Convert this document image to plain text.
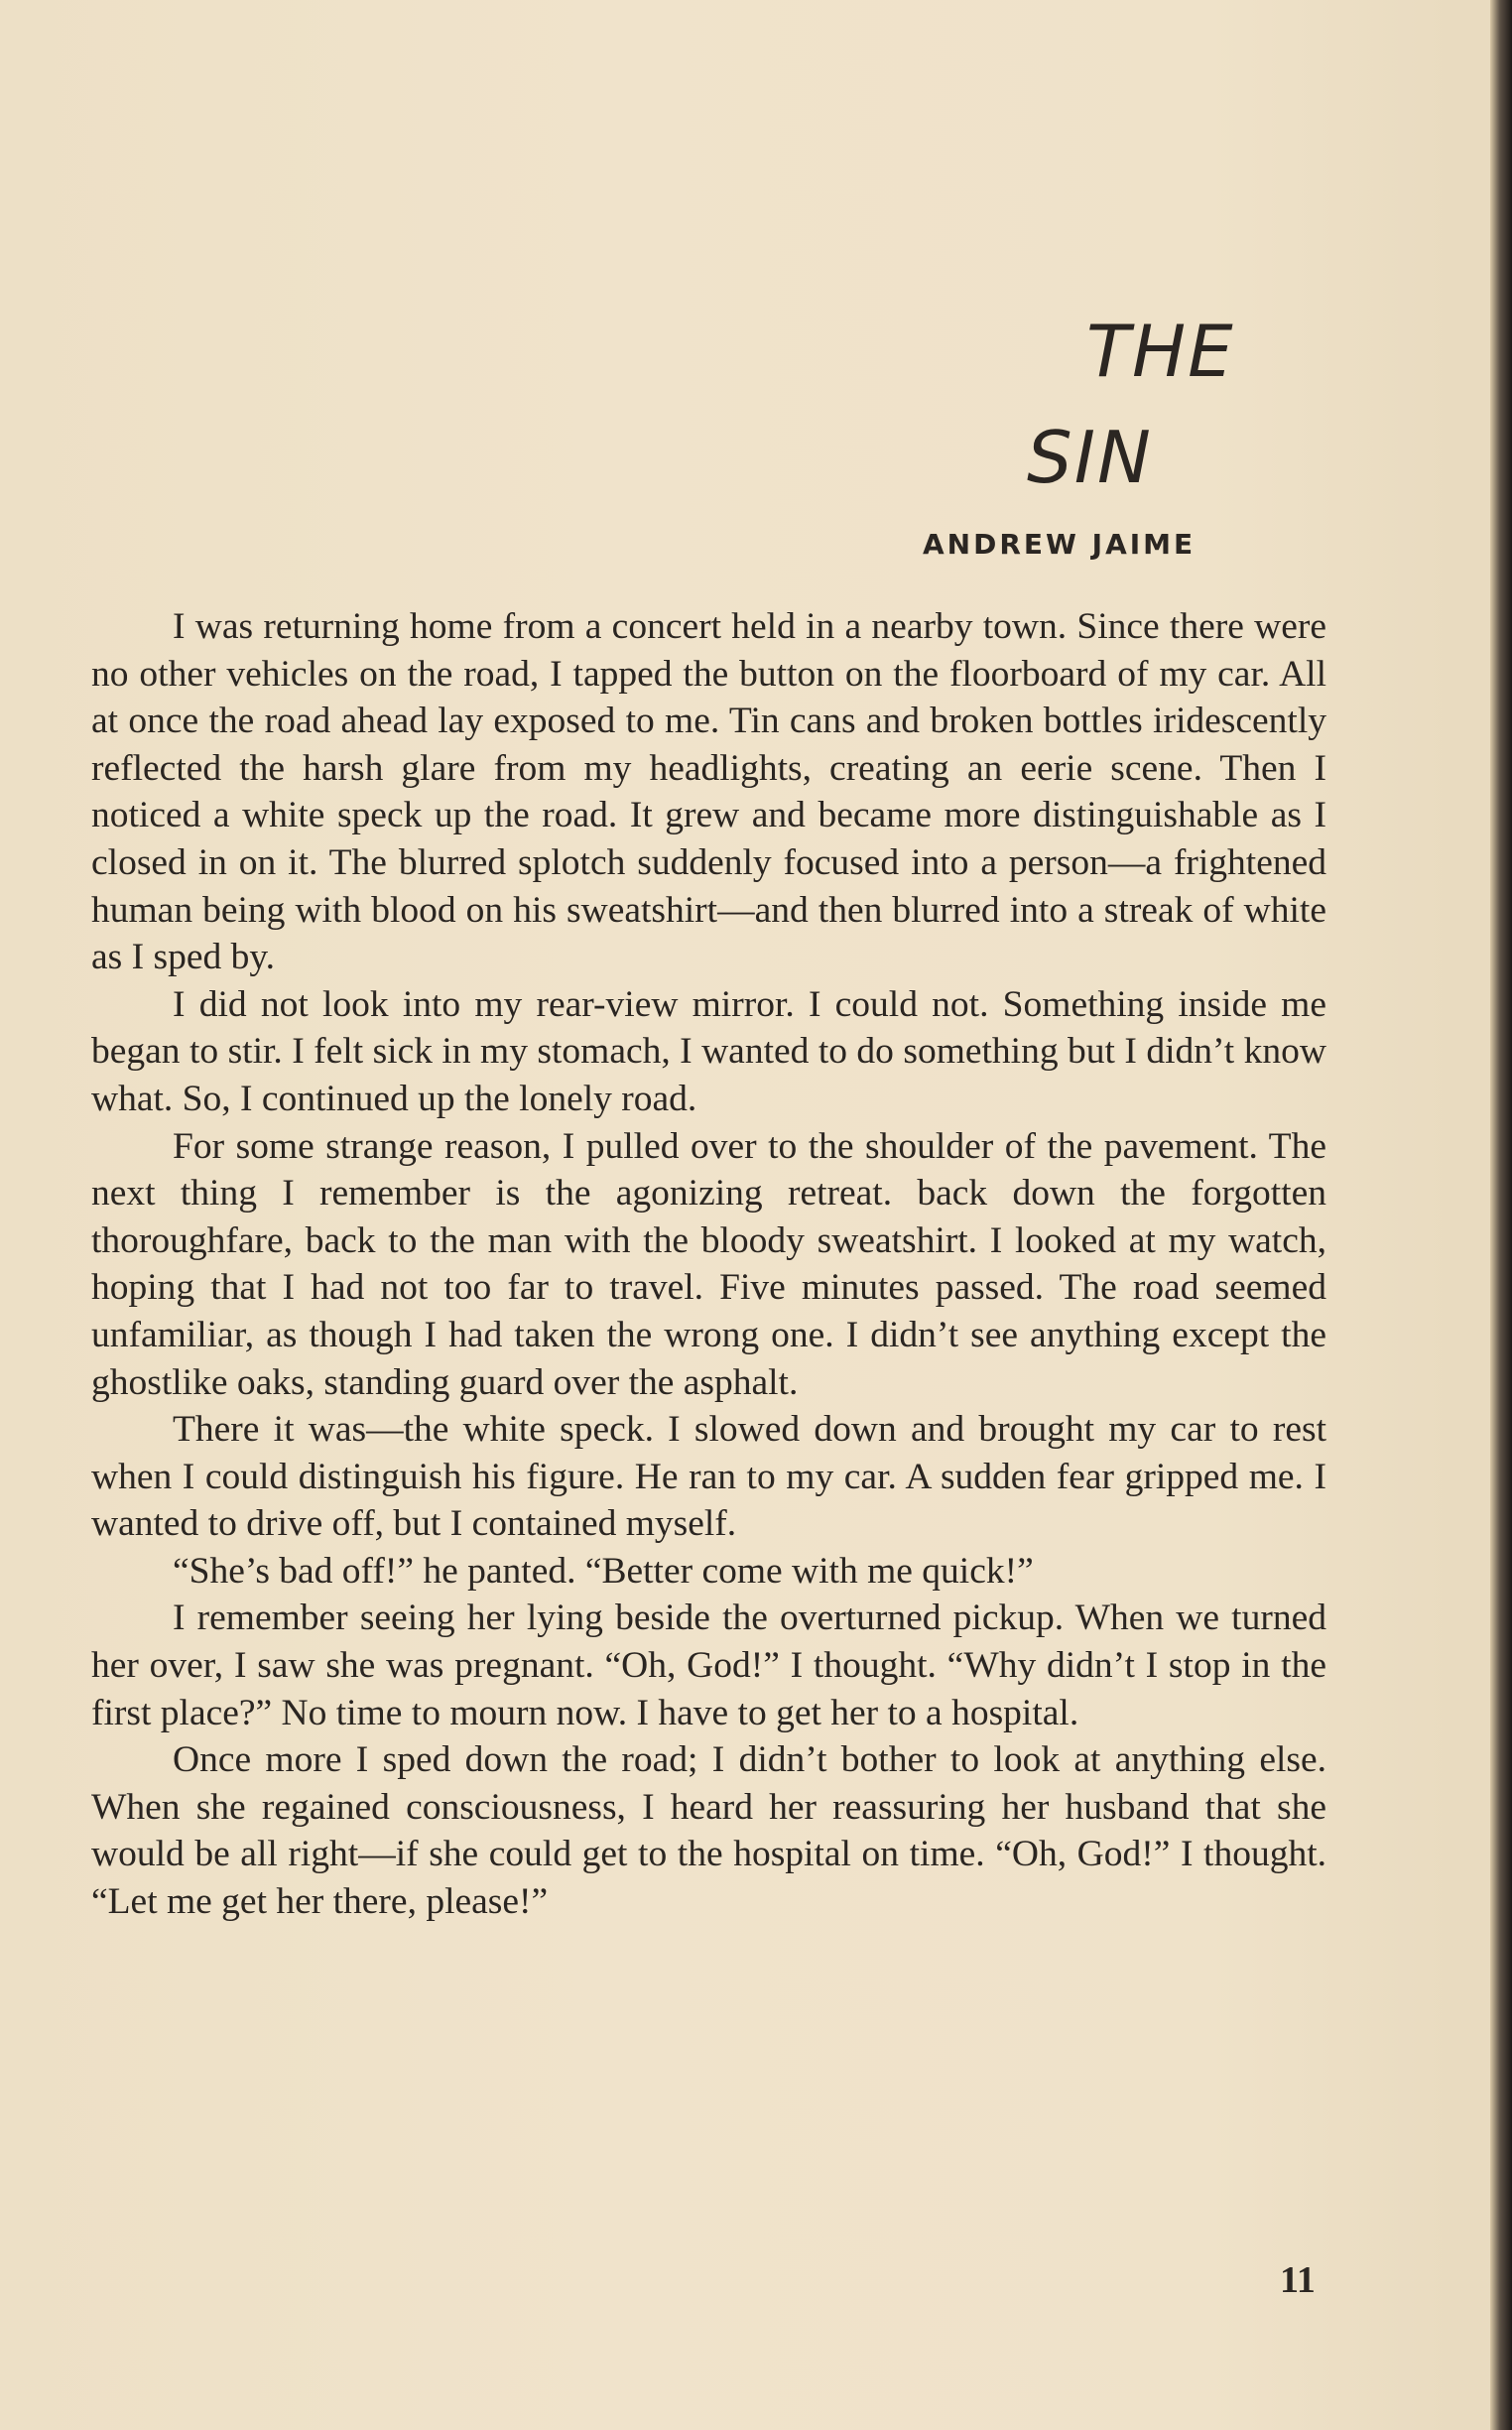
THE
SIN
ANDREW JAIME

I was returning home from a concert held in a nearby town. Since there were no other vehicles on the road, I tapped the button on the floorboard of my car. All at once the road ahead lay exposed to me. Tin cans and broken bottles iridescently reflected the harsh glare from my headlights, creating an eerie scene. Then I noticed a white speck up the road. It grew and became more distinguishable as I closed in on it. The blurred splotch suddenly focused into a person—a frightened human being with blood on his sweatshirt—and then blurred into a streak of white as I sped by.

I did not look into my rear-view mirror. I could not. Something inside me began to stir. I felt sick in my stomach, I wanted to do something but I didn’t know what. So, I continued up the lonely road.

For some strange reason, I pulled over to the shoulder of the pavement. The next thing I remember is the agonizing retreat. back down the forgotten thoroughfare, back to the man with the bloody sweatshirt. I looked at my watch, hoping that I had not too far to travel. Five minutes passed. The road seemed unfamiliar, as though I had taken the wrong one. I didn’t see anything except the ghostlike oaks, standing guard over the asphalt.

There it was—the white speck. I slowed down and brought my car to rest when I could distinguish his figure. He ran to my car. A sudden fear gripped me. I wanted to drive off, but I contained myself.

“She’s bad off!” he panted. “Better come with me quick!”

I remember seeing her lying beside the overturned pickup. When we turned her over, I saw she was pregnant. “Oh, God!” I thought. “Why didn’t I stop in the first place?” No time to mourn now. I have to get her to a hospital.

Once more I sped down the road; I didn’t bother to look at anything else. When she regained consciousness, I heard her reassuring her husband that she would be all right—if she could get to the hospital on time. “Oh, God!” I thought. “Let me get her there, please!”

11
